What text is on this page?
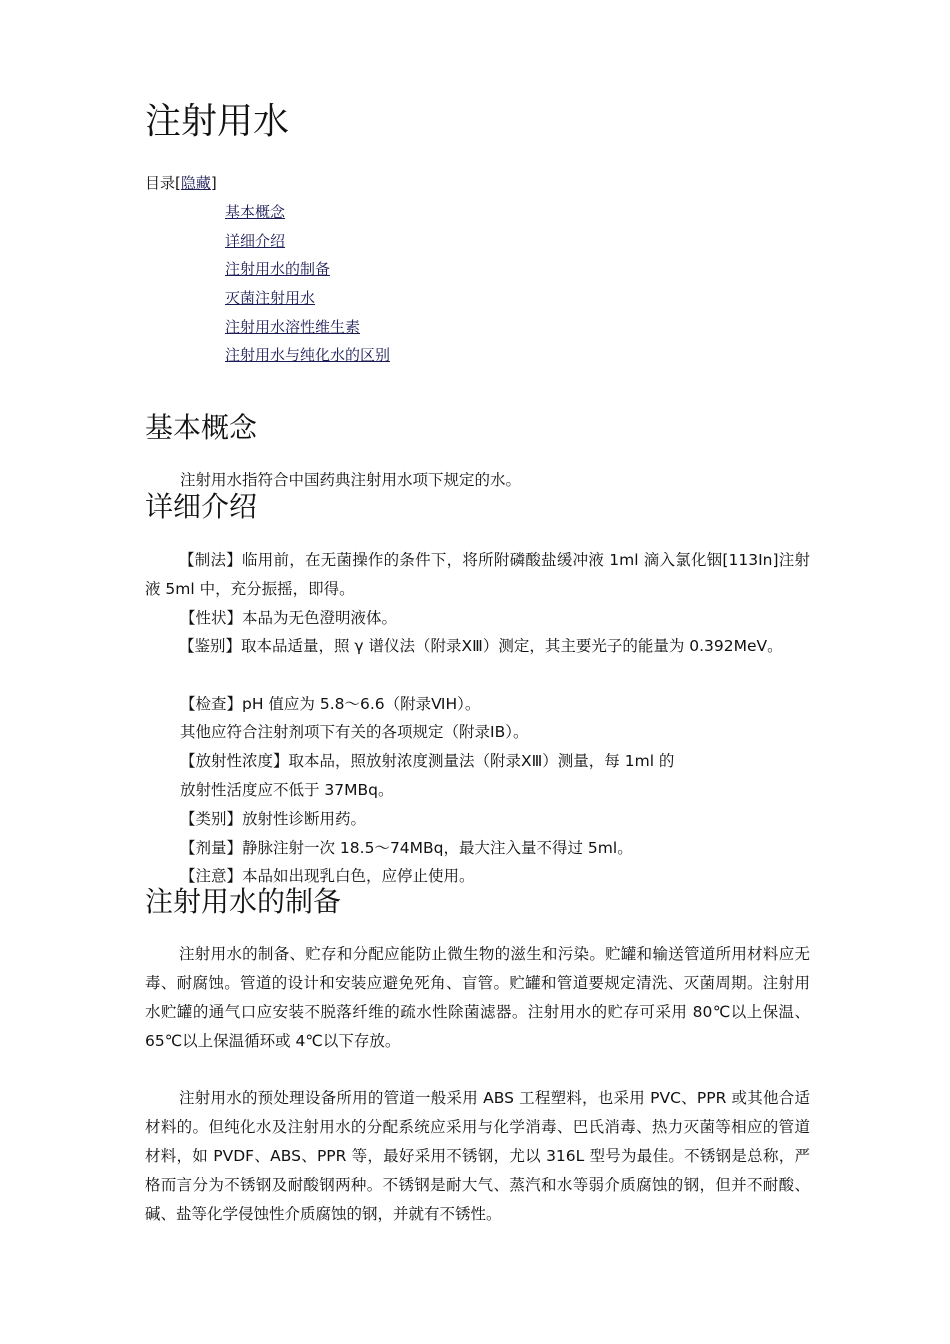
注射用水
目录[隐藏]
基本概念
详细介绍
注射用水的制备
灭菌注射用水
注射用水溶性维生素
注射用水与纯化水的区别
基本概念

注射用水指符合中国药典注射用水项下规定的水。

详细介绍

【制法】临用前，在无菌操作的条件下，将所附磷酸盐缓冲液 1ml 滴入氯化铟[113In]注射液 5ml 中，充分振摇，即得。

【性状】本品为无色澄明液体。

【鉴别】取本品适量，照 γ 谱仪法（附录ⅩⅢ）测定，其主要光子的能量为 0.392MeV。

【检查】pH 值应为 5.8～6.6（附录ⅥH）。

其他应符合注射剂项下有关的各项规定（附录ⅠB）。

【放射性浓度】取本品，照放射浓度测量法（附录ⅩⅢ）测量，每 1ml 的

放射性活度应不低于 37MBq。

【类别】放射性诊断用药。

【剂量】静脉注射一次 18.5～74MBq，最大注入量不得过 5ml。

【注意】本品如出现乳白色，应停止使用。

注射用水的制备

注射用水的制备、贮存和分配应能防止微生物的滋生和污染。贮罐和输送管道所用材料应无毒、耐腐蚀。管道的设计和安装应避免死角、盲管。贮罐和管道要规定清洗、灭菌周期。注射用水贮罐的通气口应安装不脱落纤维的疏水性除菌滤器。注射用水的贮存可采用 80℃以上保温、65℃以上保温循环或 4℃以下存放。

注射用水的预处理设备所用的管道一般采用 ABS 工程塑料，也采用 PVC、PPR 或其他合适材料的。但纯化水及注射用水的分配系统应采用与化学消毒、巴氏消毒、热力灭菌等相应的管道材料，如 PVDF、ABS、PPR 等，最好采用不锈钢，尤以 316L 型号为最佳。不锈钢是总称，严格而言分为不锈钢及耐酸钢两种。不锈钢是耐大气、蒸汽和水等弱介质腐蚀的钢，但并不耐酸、碱、盐等化学侵蚀性介质腐蚀的钢，并就有不锈性。
